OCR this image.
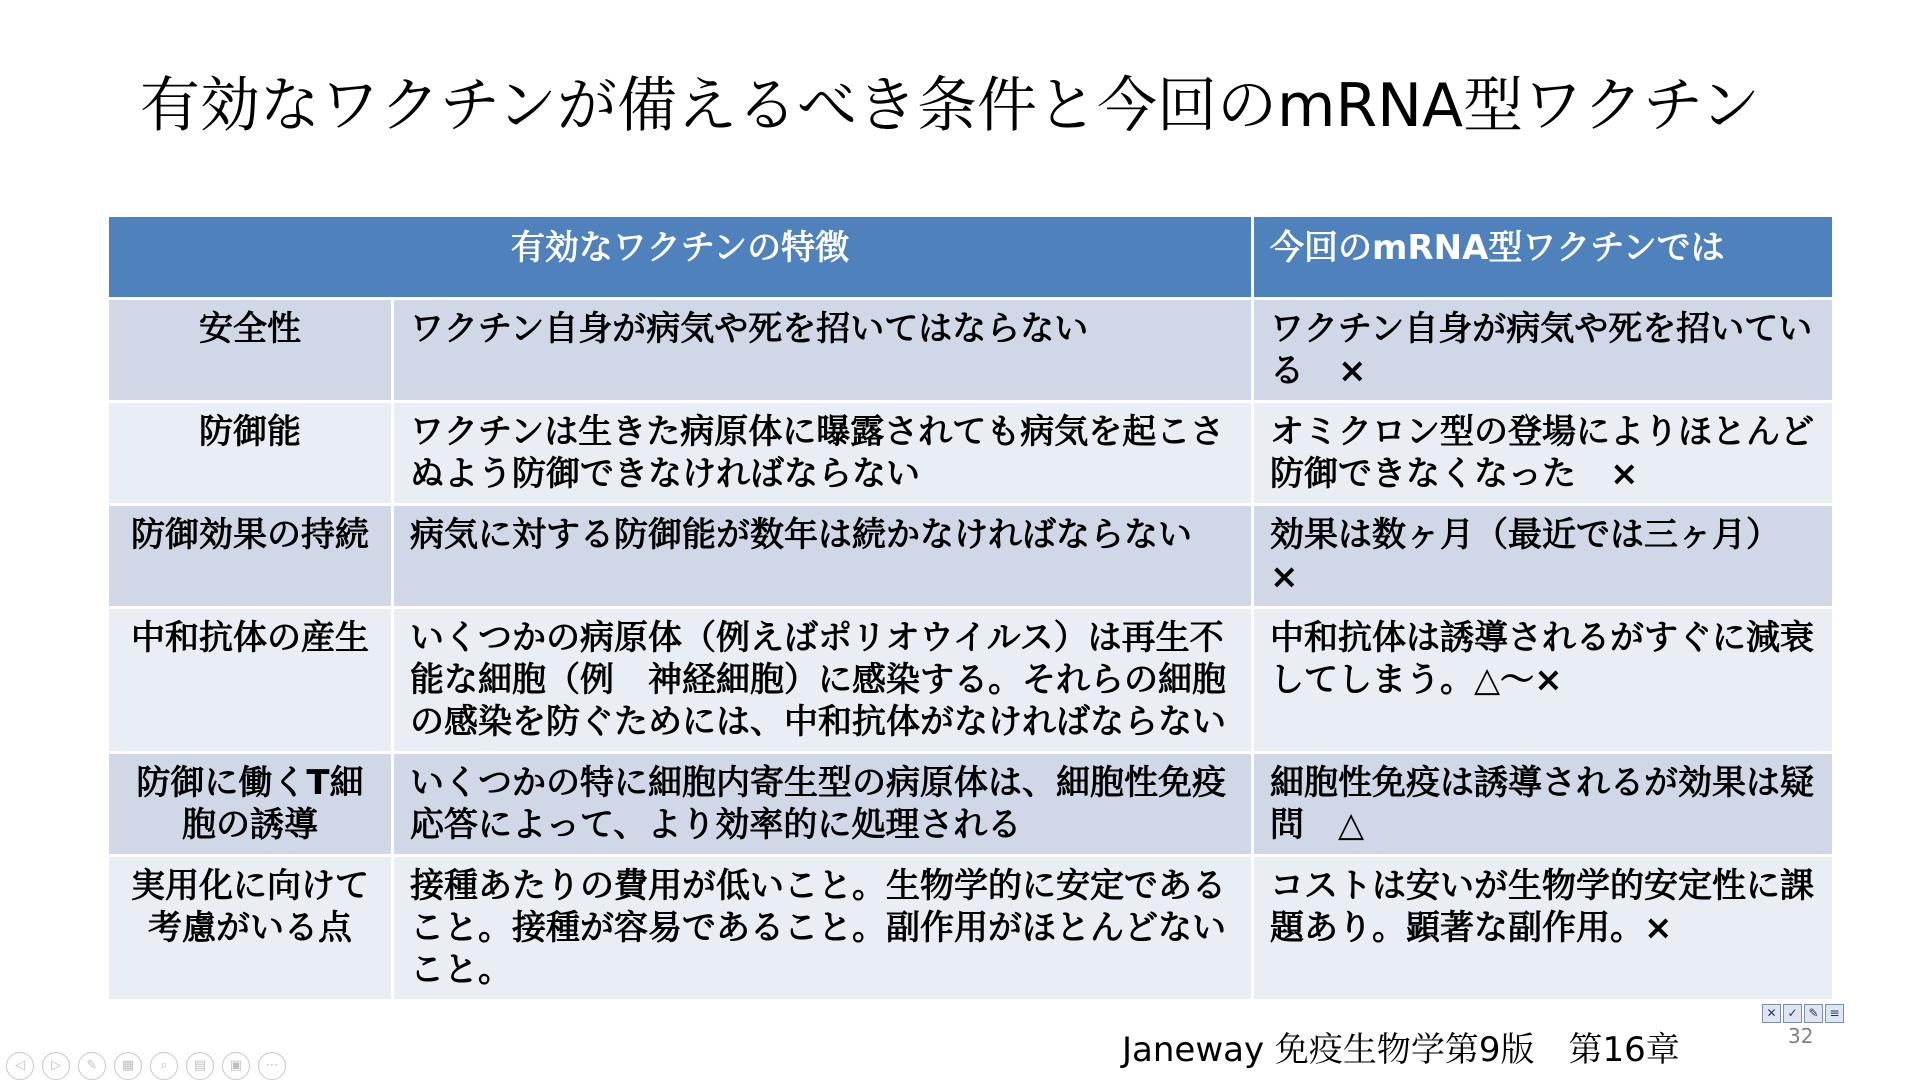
有効なワクチンが備えるべき条件と今回のmRNA型ワクチン
有効なワクチンの特徴		今回のmRNA型ワクチンでは
安全性	ワクチン自身が病気や死を招いてはならない	ワクチン自身が病気や死を招いている　×
防御能	ワクチンは生きた病原体に曝露されても病気を起こさぬよう防御できなければならない	オミクロン型の登場によりほとんど防御できなくなった　×
防御効果の持続	病気に対する防御能が数年は続かなければならない	効果は数ヶ月（最近では三ヶ月）　×
中和抗体の産生	いくつかの病原体（例えばポリオウイルス）は再生不能な細胞（例　神経細胞）に感染する。それらの細胞の感染を防ぐためには、中和抗体がなければならない	中和抗体は誘導されるがすぐに減衰してしまう。△～×
防御に働くT細胞の誘導	いくつかの特に細胞内寄生型の病原体は、細胞性免疫応答によって、より効率的に処理される	細胞性免疫は誘導されるが効果は疑問　△
実用化に向けて考慮がいる点	接種あたりの費用が低いこと。生物学的に安定であること。接種が容易であること。副作用がほとんどないこと。	コストは安いが生物学的安定性に課題あり。顕著な副作用。×
Janeway 免疫生物学第9版　第16章
✕ ✓ ✎ ≡
32
◁	▷	✎	▦	⌕	▤	▣	⋯
